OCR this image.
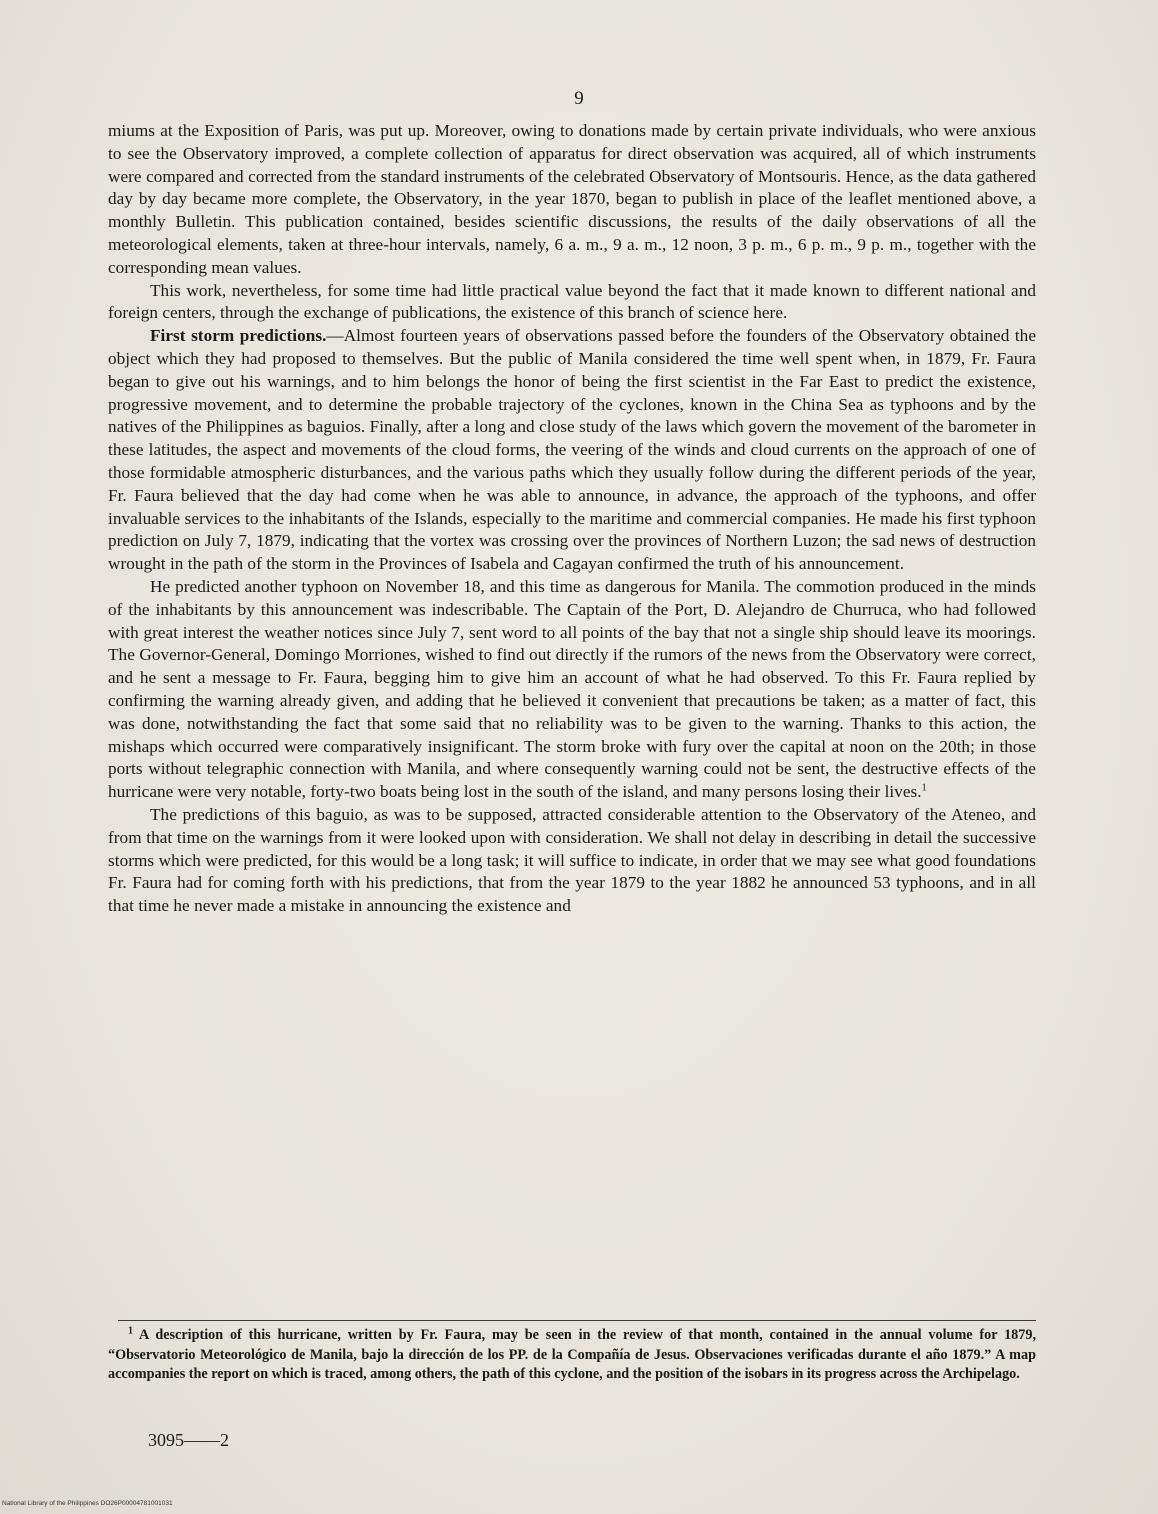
9

miums at the Exposition of Paris, was put up. Moreover, owing to donations made by certain private individuals, who were anxious to see the Observatory improved, a complete collection of apparatus for direct observation was acquired, all of which instruments were compared and corrected from the standard instruments of the celebrated Observatory of Montsouris. Hence, as the data gathered day by day became more complete, the Observatory, in the year 1870, began to publish in place of the leaflet mentioned above, a monthly Bulletin. This publication contained, besides scientific discussions, the results of the daily observations of all the meteorological elements, taken at three-hour intervals, namely, 6 a. m., 9 a. m., 12 noon, 3 p. m., 6 p. m., 9 p. m., together with the corresponding mean values.

This work, nevertheless, for some time had little practical value beyond the fact that it made known to different national and foreign centers, through the exchange of publications, the existence of this branch of science here.

First storm predictions.—Almost fourteen years of observations passed before the founders of the Observatory obtained the object which they had proposed to themselves. But the public of Manila considered the time well spent when, in 1879, Fr. Faura began to give out his warnings, and to him belongs the honor of being the first scientist in the Far East to predict the existence, progressive movement, and to determine the probable trajectory of the cyclones, known in the China Sea as typhoons and by the natives of the Philippines as baguios. Finally, after a long and close study of the laws which govern the movement of the barometer in these latitudes, the aspect and movements of the cloud forms, the veering of the winds and cloud currents on the approach of one of those formidable atmospheric disturbances, and the various paths which they usually follow during the different periods of the year, Fr. Faura believed that the day had come when he was able to announce, in advance, the approach of the typhoons, and offer invaluable services to the inhabitants of the Islands, especially to the maritime and commercial companies. He made his first typhoon prediction on July 7, 1879, indicating that the vortex was crossing over the provinces of Northern Luzon; the sad news of destruction wrought in the path of the storm in the Provinces of Isabela and Cagayan confirmed the truth of his announcement.

He predicted another typhoon on November 18, and this time as dangerous for Manila. The commotion produced in the minds of the inhabitants by this announcement was indescribable. The Captain of the Port, D. Alejandro de Churruca, who had followed with great interest the weather notices since July 7, sent word to all points of the bay that not a single ship should leave its moorings. The Governor-General, Domingo Morriones, wished to find out directly if the rumors of the news from the Observatory were correct, and he sent a message to Fr. Faura, begging him to give him an account of what he had observed. To this Fr. Faura replied by confirming the warning already given, and adding that he believed it convenient that precautions be taken; as a matter of fact, this was done, notwithstanding the fact that some said that no reliability was to be given to the warning. Thanks to this action, the mishaps which occurred were comparatively insignificant. The storm broke with fury over the capital at noon on the 20th; in those ports without telegraphic connection with Manila, and where consequently warning could not be sent, the destructive effects of the hurricane were very notable, forty-two boats being lost in the south of the island, and many persons losing their lives.$^1$

The predictions of this baguio, as was to be supposed, attracted considerable attention to the Observatory of the Ateneo, and from that time on the warnings from it were looked upon with consideration. We shall not delay in describing in detail the successive storms which were predicted, for this would be a long task; it will suffice to indicate, in order that we may see what good foundations Fr. Faura had for coming forth with his predictions, that from the year 1879 to the year 1882 he announced 53 typhoons, and in all that time he never made a mistake in announcing the existence and

$^1$ A description of this hurricane, written by Fr. Faura, may be seen in the review of that month, contained in the annual volume for 1879, “Observatorio Meteorológico de Manila, bajo la dirección de los PP. de la Compañía de Jesus. Observaciones verificadas durante el año 1879.” A map accompanies the report on which is traced, among others, the path of this cyclone, and the position of the isobars in its progress across the Archipelago.

3095——2
National Library of the Philippines DO26P00004781001031
